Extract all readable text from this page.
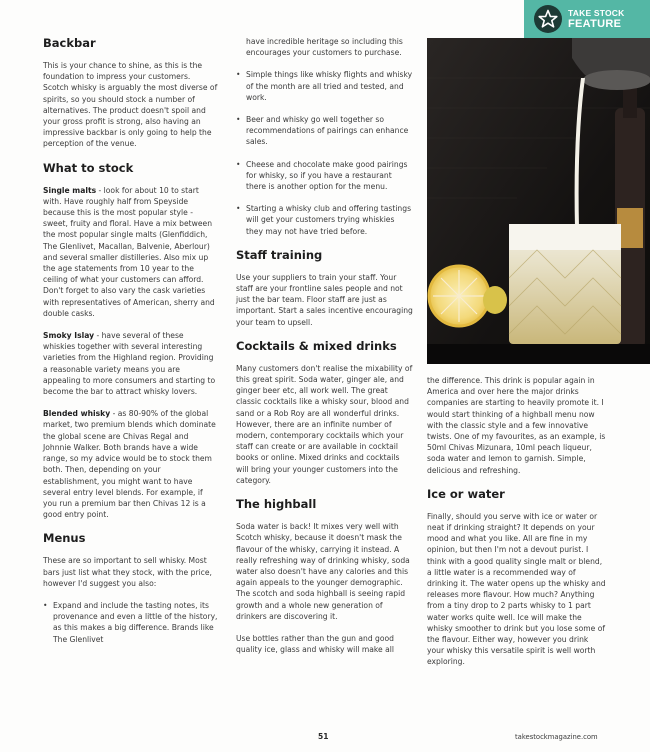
TAKE STOCK
FEATURE
Backbar

This is your chance to shine, as this is the foundation to impress your customers. Scotch whisky is arguably the most diverse of spirits, so you should stock a number of alternatives. The product doesn't spoil and your gross profit is strong, also having an impressive backbar is only going to help the perception of the venue.

What to stock

Single malts - look for about 10 to start with. Have roughly half from Speyside because this is the most popular style - sweet, fruity and floral. Have a mix between the most popular single malts (Glenfiddich, The Glenlivet, Macallan, Balvenie, Aberlour) and several smaller distilleries. Also mix up the age statements from 10 year to the ceiling of what your customers can afford. Don't forget to also vary the cask varieties with representatives of American, sherry and double casks.

Smoky Islay - have several of these whiskies together with several interesting varieties from the Highland region. Providing a reasonable variety means you are appealing to more consumers and starting to become the bar to attract whisky lovers.

Blended whisky - as 80-90% of the global market, two premium blends which dominate the global scene are Chivas Regal and Johnnie Walker. Both brands have a wide range, so my advice would be to stock them both. Then, depending on your establishment, you might want to have several entry level blends. For example, if you run a premium bar then Chivas 12 is a good entry point.

Menus

These are so important to sell whisky. Most bars just list what they stock, with the price, however I'd suggest you also:

• Expand and include the tasting notes, its provenance and even a little of the history, as this makes a big difference. Brands like The Glenlivet

have incredible heritage so including this encourages your customers to purchase.

• Simple things like whisky flights and whisky of the month are all tried and tested, and work.
• Beer and whisky go well together so recommendations of pairings can enhance sales.
• Cheese and chocolate make good pairings for whisky, so if you have a restaurant there is another option for the menu.
• Starting a whisky club and offering tastings will get your customers trying whiskies they may not have tried before.
Staff training

Use your suppliers to train your staff. Your staff are your frontline sales people and not just the bar team. Floor staff are just as important. Start a sales incentive encouraging your team to upsell.

Cocktails & mixed drinks

Many customers don't realise the mixability of this great spirit. Soda water, ginger ale, and ginger beer etc, all work well. The great classic cocktails like a whisky sour, blood and sand or a Rob Roy are all wonderful drinks. However, there are an infinite number of modern, contemporary cocktails which your staff can create or are available in cocktail books or online. Mixed drinks and cocktails will bring your younger customers into the category.

The highball

Soda water is back! It mixes very well with Scotch whisky, because it doesn't mask the flavour of the whisky, carrying it instead. A really refreshing way of drinking whisky, soda water also doesn't have any calories and this again appeals to the younger demographic. The scotch and soda highball is seeing rapid growth and a whole new generation of drinkers are discovering it.

Use bottles rather than the gun and good quality ice, glass and whisky will make all

the difference. This drink is popular again in America and over here the major drinks companies are starting to heavily promote it. I would start thinking of a highball menu now with the classic style and a few innovative twists. One of my favourites, as an example, is 50ml Chivas Mizunara, 10ml peach liqueur, soda water and lemon to garnish. Simple, delicious and refreshing.

Ice or water

Finally, should you serve with ice or water or neat if drinking straight? It depends on your mood and what you like. All are fine in my opinion, but then I'm not a devout purist. I think with a good quality single malt or blend, a little water is a recommended way of drinking it. The water opens up the whisky and releases more flavour. How much? Anything from a tiny drop to 2 parts whisky to 1 part water works quite well. Ice will make the whisky smoother to drink but you lose some of the flavour. Either way, however you drink your whisky this versatile spirit is well worth exploring.

51	takestockmagazine.com
